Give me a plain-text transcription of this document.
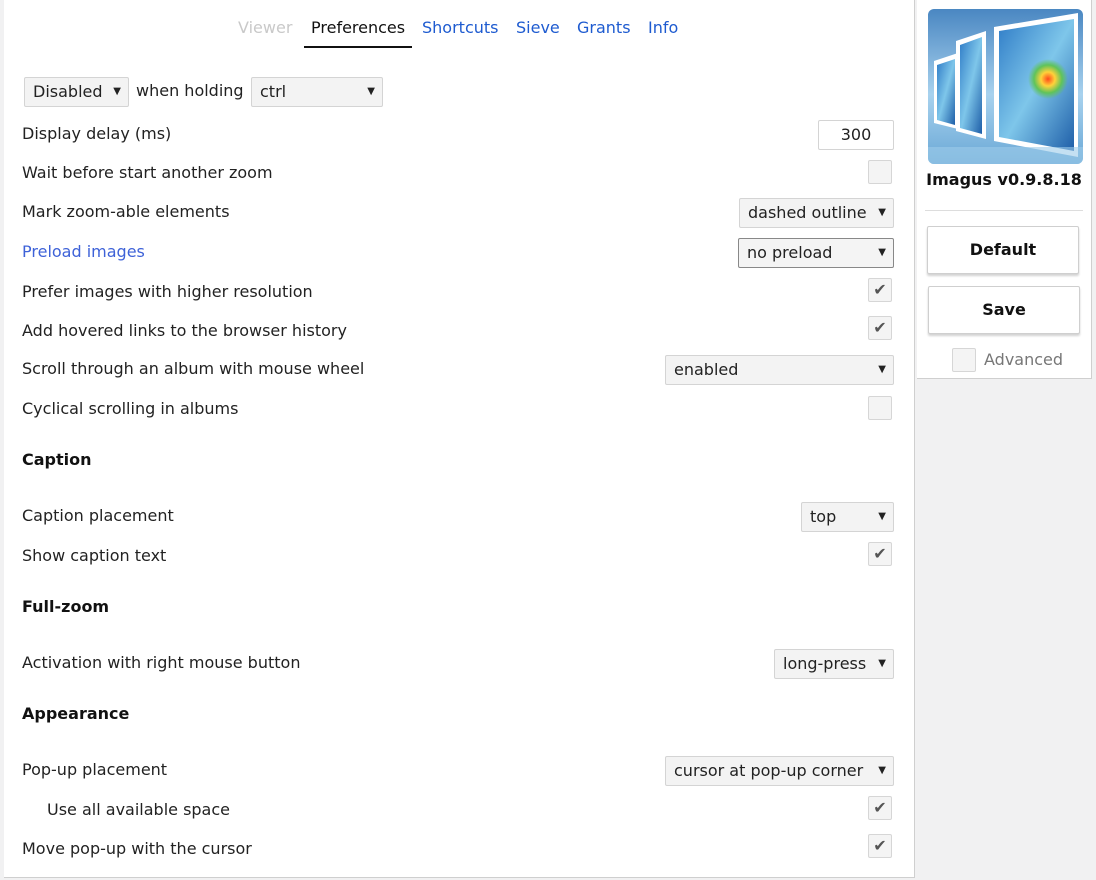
Viewer Preferences Shortcuts Sieve Grants Info
Disabled ▼ when holding	ctrl	▼
Display delay (ms)	300
Wait before start another zoom
Mark zoom-able elements	dashed outline ▼
Preload images	no preload	▼
Prefer images with higher resolution	✔
Add hovered links to the browser history	✔
Scroll through an album with mouse wheel	enabled	▼
Cyclical scrolling in albums
Caption
Caption placement	top	▼
Show caption text	✔
Full-zoom
Activation with right mouse button	long-press ▼
Appearance
Pop-up placement	cursor at pop-up corner ▼
Use all available space	✔
Move pop-up with the cursor	✔
Imagus v0.9.8.18
Default
Save
Advanced
